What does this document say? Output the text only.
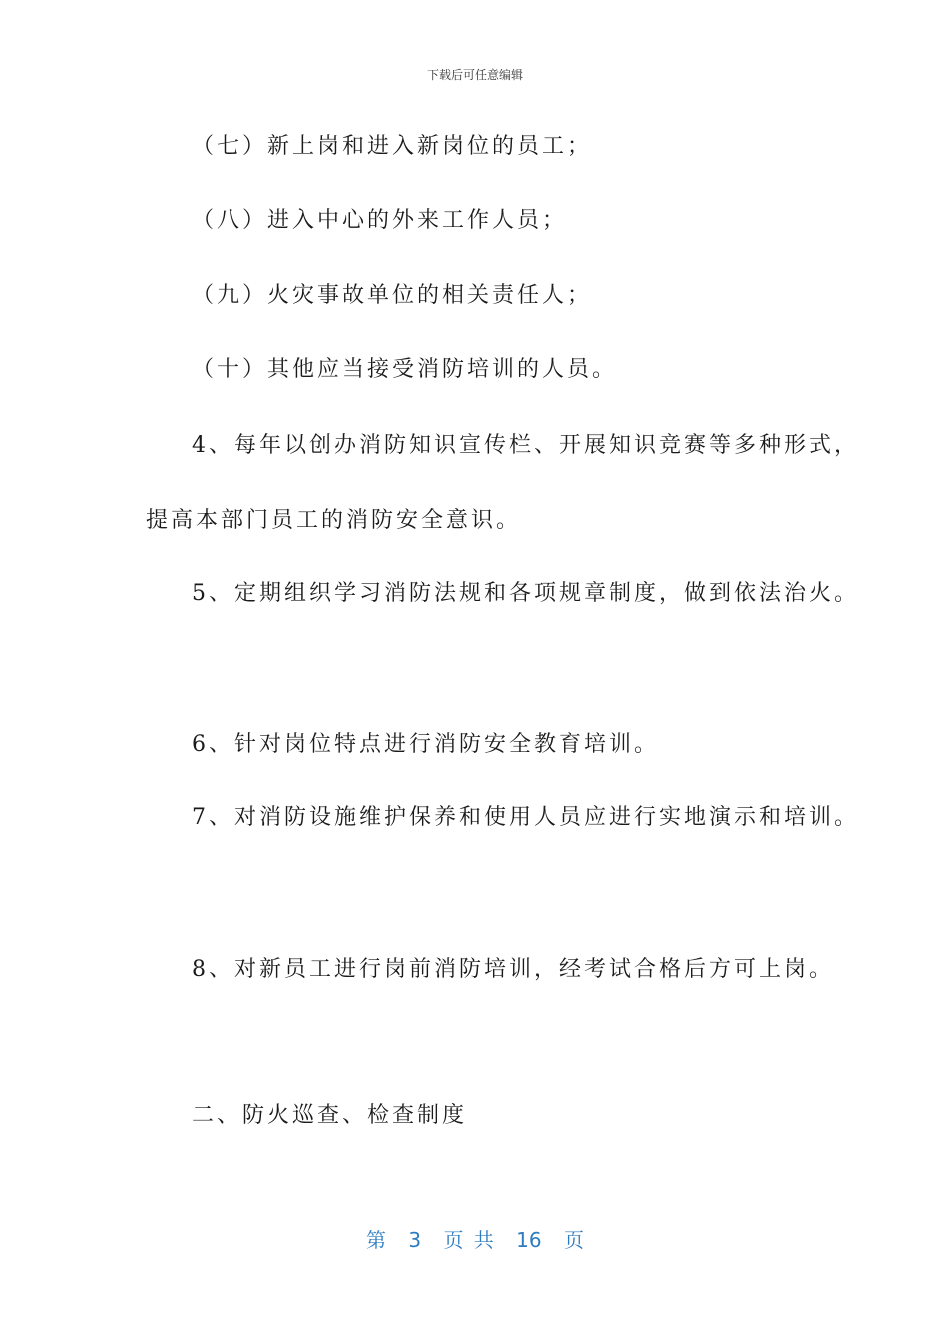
下载后可任意编辑
（七）新上岗和进入新岗位的员工；
（八）进入中心的外来工作人员；
（九）火灾事故单位的相关责任人；
（十）其他应当接受消防培训的人员。
4、每年以创办消防知识宣传栏、开展知识竞赛等多种形式，
提高本部门员工的消防安全意识。
5、定期组织学习消防法规和各项规章制度，做到依法治火。
6、针对岗位特点进行消防安全教育培训。
7、对消防设施维护保养和使用人员应进行实地演示和培训。
8、对新员工进行岗前消防培训，经考试合格后方可上岗。
二、防火巡查、检查制度
第 3 页 共 16 页
